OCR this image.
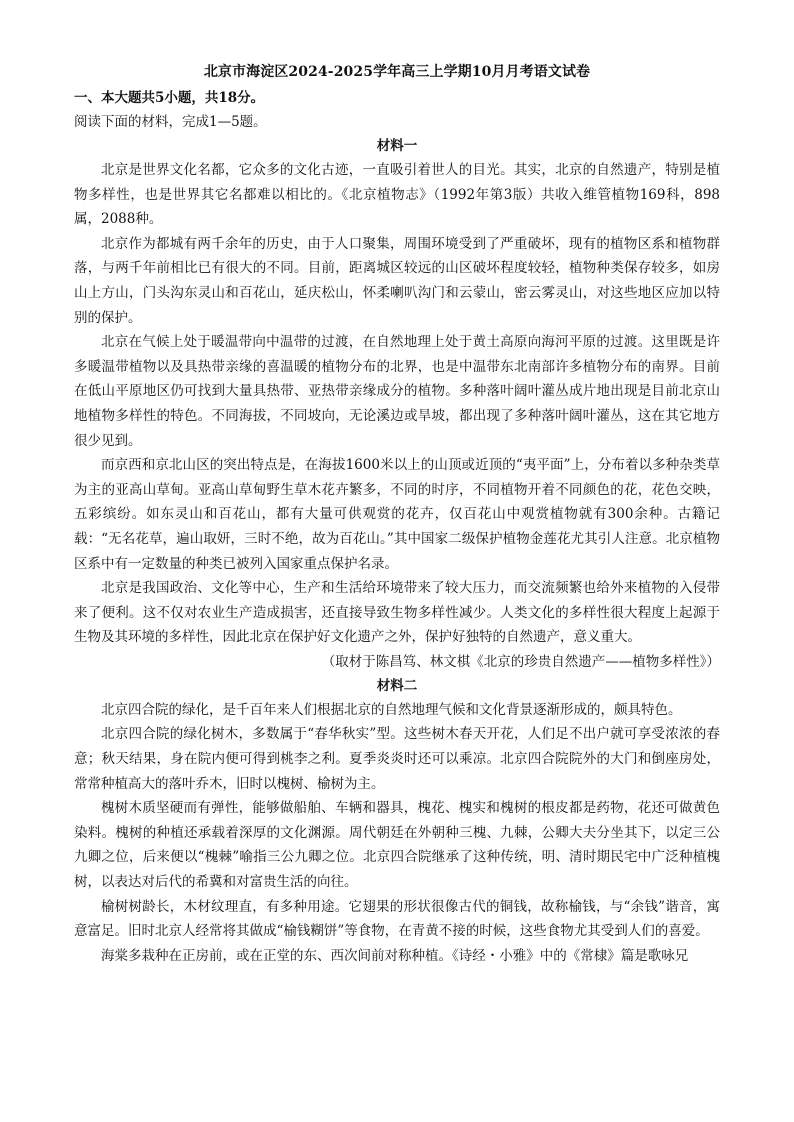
北京市海淀区2024-2025学年高三上学期10月月考语文试卷
一、本大题共5小题，共18分。
阅读下面的材料，完成1—5题。
材料一

北京是世界文化名都，它众多的文化古迹，一直吸引着世人的目光。其实，北京的自然遗产，特别是植物多样性，也是世界其它名都难以相比的。《北京植物志》（1992年第3版）共收入维管植物169科，898属，2088种。

北京作为都城有两千余年的历史，由于人口聚集，周围环境受到了严重破坏，现有的植物区系和植物群落，与两千年前相比已有很大的不同。目前，距离城区较远的山区破坏程度较轻，植物种类保存较多，如房山上方山，门头沟东灵山和百花山，延庆松山，怀柔喇叭沟门和云蒙山，密云雾灵山，对这些地区应加以特别的保护。

北京在气候上处于暖温带向中温带的过渡，在自然地理上处于黄土高原向海河平原的过渡。这里既是许多暖温带植物以及具热带亲缘的喜温暖的植物分布的北界，也是中温带东北南部许多植物分布的南界。目前在低山平原地区仍可找到大量具热带、亚热带亲缘成分的植物。多种落叶阔叶灌丛成片地出现是目前北京山地植物多样性的特色。不同海拔，不同坡向，无论溪边或旱坡，都出现了多种落叶阔叶灌丛，这在其它地方很少见到。

而京西和京北山区的突出特点是，在海拔1600米以上的山顶或近顶的“夷平面”上，分布着以多种杂类草为主的亚高山草甸。亚高山草甸野生草木花卉繁多，不同的时序，不同植物开着不同颜色的花，花色交映，五彩缤纷。如东灵山和百花山，都有大量可供观赏的花卉，仅百花山中观赏植物就有300余种。古籍记载：“无名花草，遍山取妍，三时不绝，故为百花山。”其中国家二级保护植物金莲花尤其引人注意。北京植物区系中有一定数量的种类已被列入国家重点保护名录。

北京是我国政治、文化等中心，生产和生活给环境带来了较大压力，而交流频繁也给外来植物的入侵带来了便利。这不仅对农业生产造成损害，还直接导致生物多样性减少。人类文化的多样性很大程度上起源于生物及其环境的多样性，因此北京在保护好文化遗产之外，保护好独特的自然遗产，意义重大。

（取材于陈昌笃、林文棋《北京的珍贵自然遗产——植物多样性》）
材料二

北京四合院的绿化，是千百年来人们根据北京的自然地理气候和文化背景逐渐形成的，颇具特色。

北京四合院的绿化树木，多数属于“春华秋实”型。这些树木春天开花，人们足不出户就可享受浓浓的春意；秋天结果，身在院内便可得到桃李之利。夏季炎炎时还可以乘凉。北京四合院院外的大门和倒座房处，常常种植高大的落叶乔木，旧时以槐树、榆树为主。

槐树木质坚硬而有弹性，能够做船舶、车辆和器具，槐花、槐实和槐树的根皮都是药物，花还可做黄色染料。槐树的种植还承载着深厚的文化渊源。周代朝廷在外朝种三槐、九棘，公卿大夫分坐其下，以定三公九卿之位，后来便以“槐棘”喻指三公九卿之位。北京四合院继承了这种传统，明、清时期民宅中广泛种植槐树，以表达对后代的希冀和对富贵生活的向往。

榆树树龄长，木材纹理直，有多种用途。它翅果的形状很像古代的铜钱，故称榆钱，与“余钱”谐音，寓意富足。旧时北京人经常将其做成“榆钱糊饼”等食物，在青黄不接的时候，这些食物尤其受到人们的喜爱。

海棠多栽种在正房前，或在正堂的东、西次间前对称种植。《诗经・小雅》中的《常棣》篇是歌咏兄
